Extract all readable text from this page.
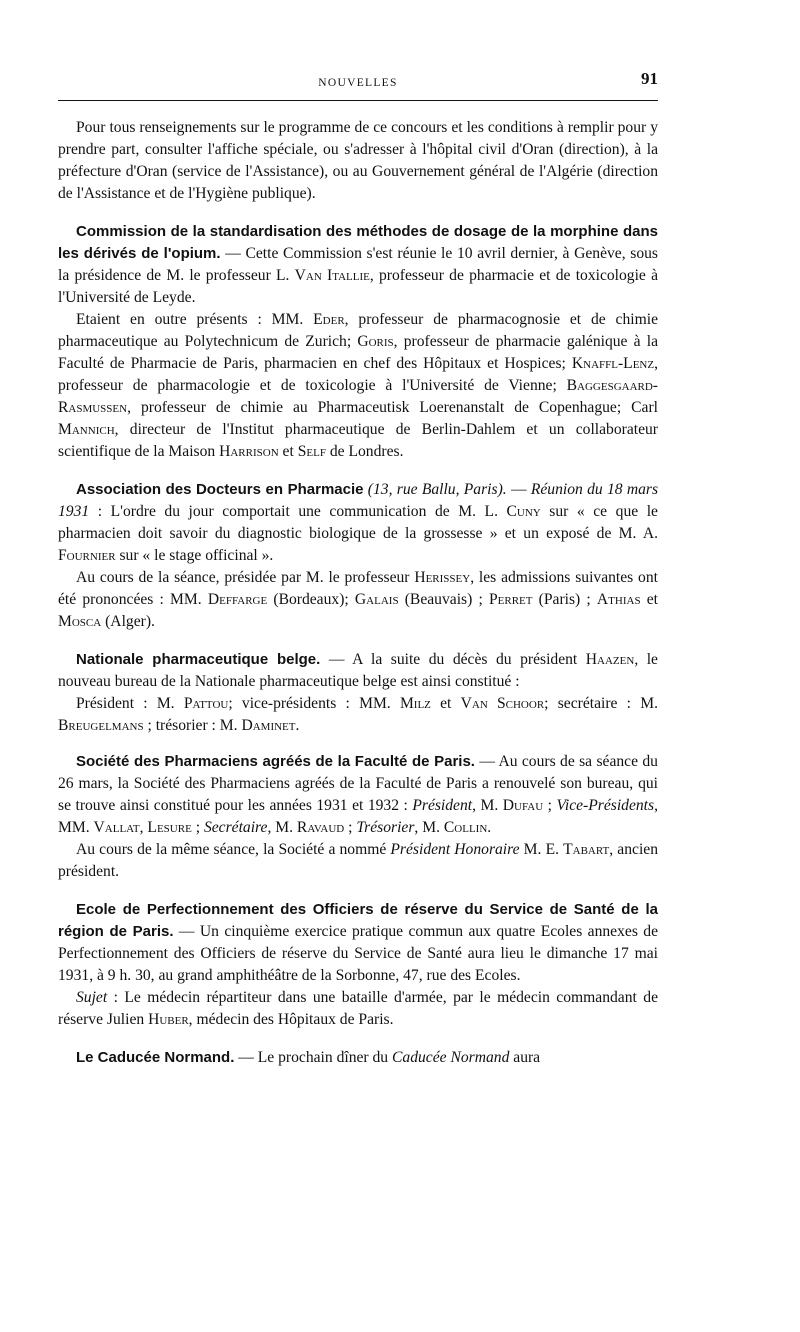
NOUVELLES	91

Pour tous renseignements sur le programme de ce concours et les conditions à remplir pour y prendre part, consulter l'affiche spéciale, ou s'adresser à l'hôpital civil d'Oran (direction), à la préfecture d'Oran (service de l'Assistance), ou au Gouvernement général de l'Algérie (direction de l'Assistance et de l'Hygiène publique).

Commission de la standardisation des méthodes de dosage de la morphine dans les dérivés de l'opium. — Cette Commission s'est réunie le 10 avril dernier, à Genève, sous la présidence de M. le professeur L. Van Itallie, professeur de pharmacie et de toxicologie à l'Université de Leyde.

Etaient en outre présents : MM. Eder, professeur de pharmacognosie et de chimie pharmaceutique au Polytechnicum de Zurich; Goris, professeur de pharmacie galénique à la Faculté de Pharmacie de Paris, pharmacien en chef des Hôpitaux et Hospices; Knaffl-Lenz, professeur de pharmacologie et de toxicologie à l'Université de Vienne; Baggesgaard-Rasmussen, professeur de chimie au Pharmaceutisk Loerenanstalt de Copenhague; Carl Mannich, directeur de l'Institut pharmaceutique de Berlin-Dahlem et un collaborateur scientifique de la Maison Harrison et Self de Londres.

Association des Docteurs en Pharmacie (13, rue Ballu, Paris). — Réunion du 18 mars 1931 : L'ordre du jour comportait une communication de M. L. Cuny sur « ce que le pharmacien doit savoir du diagnostic biologique de la grossesse » et un exposé de M. A. Fournier sur « le stage officinal ».

Au cours de la séance, présidée par M. le professeur Herissey, les admissions suivantes ont été prononcées : MM. Deffarge (Bordeaux); Galais (Beauvais) ; Perret (Paris) ; Athias et Mosca (Alger).

Nationale pharmaceutique belge. — A la suite du décès du président Haazen, le nouveau bureau de la Nationale pharmaceutique belge est ainsi constitué :

Président : M. Pattou; vice-présidents : MM. Milz et Van Schoor; secrétaire : M. Breugelmans ; trésorier : M. Daminet.

Société des Pharmaciens agréés de la Faculté de Paris. — Au cours de sa séance du 26 mars, la Société des Pharmaciens agréés de la Faculté de Paris a renouvelé son bureau, qui se trouve ainsi constitué pour les années 1931 et 1932 : Président, M. Dufau ; Vice-Présidents, MM. Vallat, Lesure ; Secrétaire, M. Ravaud ; Trésorier, M. Collin.

Au cours de la même séance, la Société a nommé Président Honoraire M. E. Tabart, ancien président.

Ecole de Perfectionnement des Officiers de réserve du Service de Santé de la région de Paris. — Un cinquième exercice pratique commun aux quatre Ecoles annexes de Perfectionnement des Officiers de réserve du Service de Santé aura lieu le dimanche 17 mai 1931, à 9 h. 30, au grand amphithéâtre de la Sorbonne, 47, rue des Ecoles.

Sujet : Le médecin répartiteur dans une bataille d'armée, par le médecin commandant de réserve Julien Huber, médecin des Hôpitaux de Paris.

Le Caducée Normand. — Le prochain dîner du Caducée Normand aura
